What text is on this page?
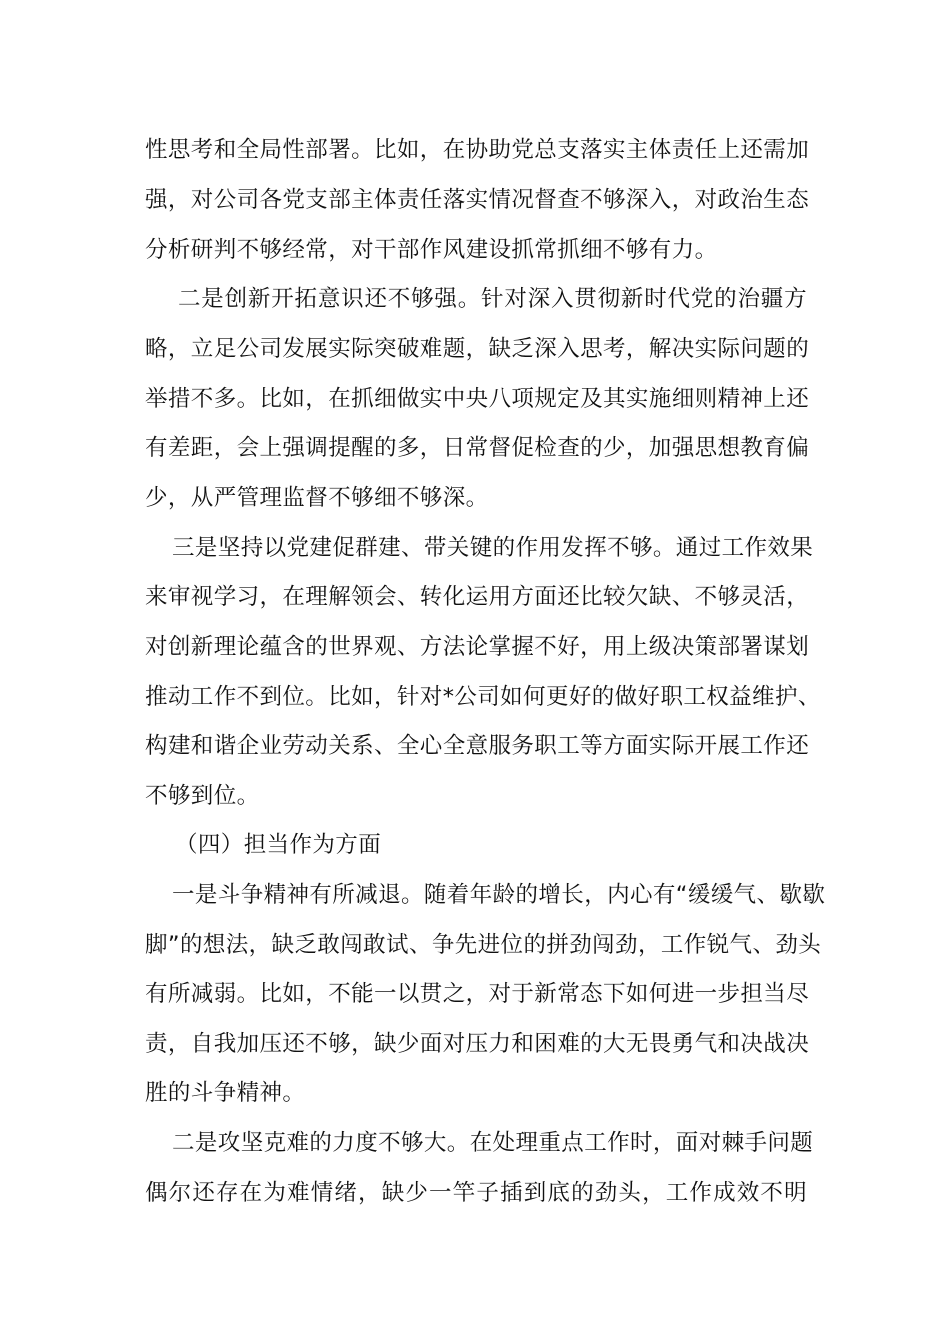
性思考和全局性部署。比如，在协助党总支落实主体责任上还需加
强，对公司各党支部主体责任落实情况督查不够深入，对政治生态
分析研判不够经常，对干部作风建设抓常抓细不够有力。
二是创新开拓意识还不够强。针对深入贯彻新时代党的治疆方
略，立足公司发展实际突破难题，缺乏深入思考，解决实际问题的
举措不多。比如，在抓细做实中央八项规定及其实施细则精神上还
有差距，会上强调提醒的多，日常督促检查的少，加强思想教育偏
少，从严管理监督不够细不够深。
三是坚持以党建促群建、带关键的作用发挥不够。通过工作效果
来审视学习，在理解领会、转化运用方面还比较欠缺、不够灵活，
对创新理论蕴含的世界观、方法论掌握不好，用上级决策部署谋划
推动工作不到位。比如，针对*公司如何更好的做好职工权益维护、
构建和谐企业劳动关系、全心全意服务职工等方面实际开展工作还
不够到位。
（四）担当作为方面
一是斗争精神有所减退。随着年龄的增长，内心有“缓缓气、歇歇
脚”的想法，缺乏敢闯敢试、争先进位的拼劲闯劲，工作锐气、劲头
有所减弱。比如，不能一以贯之，对于新常态下如何进一步担当尽
责，自我加压还不够，缺少面对压力和困难的大无畏勇气和决战决
胜的斗争精神。
二是攻坚克难的力度不够大。在处理重点工作时，面对棘手问题
偶尔还存在为难情绪，缺少一竿子插到底的劲头，工作成效不明
